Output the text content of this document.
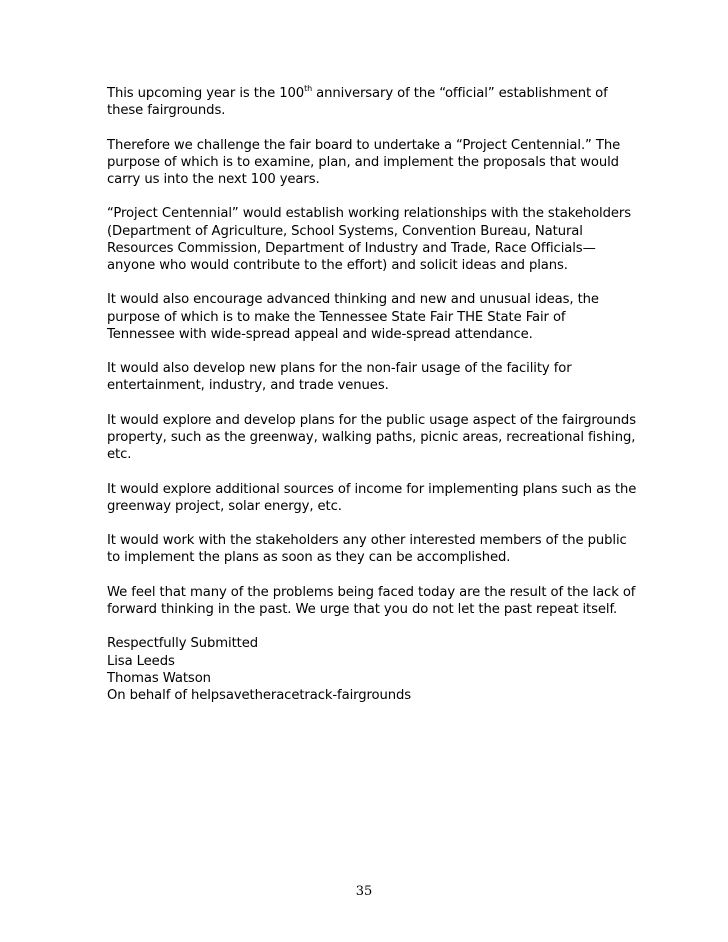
This upcoming year is the 100th anniversary of the “official” establishment of
these fairgrounds.

Therefore we challenge the fair board to undertake a “Project Centennial.” The
purpose of which is to examine, plan, and implement the proposals that would
carry us into the next 100 years.

“Project Centennial” would establish working relationships with the stakeholders
(Department of Agriculture, School Systems, Convention Bureau, Natural
Resources Commission, Department of Industry and Trade, Race Officials—
anyone who would contribute to the effort) and solicit ideas and plans.

It would also encourage advanced thinking and new and unusual ideas, the
purpose of which is to make the Tennessee State Fair THE State Fair of
Tennessee with wide-spread appeal and wide-spread attendance.

It would also develop new plans for the non-fair usage of the facility for
entertainment, industry, and trade venues.

It would explore and develop plans for the public usage aspect of the fairgrounds
property, such as the greenway, walking paths, picnic areas, recreational fishing,
etc.

It would explore additional sources of income for implementing plans such as the
greenway project, solar energy, etc.

It would work with the stakeholders any other interested members of the public
to implement the plans as soon as they can be accomplished.

We feel that many of the problems being faced today are the result of the lack of
forward thinking in the past. We urge that you do not let the past repeat itself.

Respectfully Submitted
Lisa Leeds
Thomas Watson
On behalf of helpsavetheracetrack-fairgrounds

35
